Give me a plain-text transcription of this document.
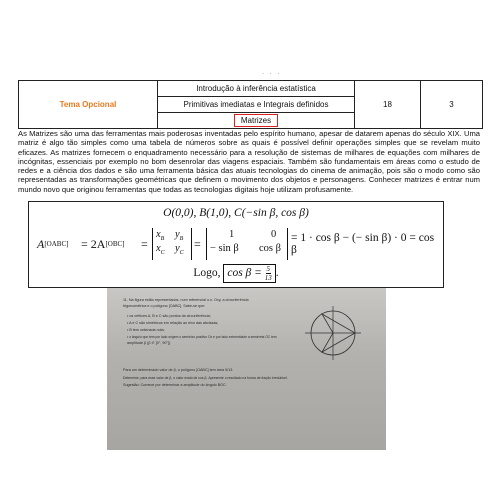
· · ·
Tema Opcional	Introdução à inferência estatística	18	3
Primitivas imediatas e Integrais definidos
Matrizes

As Matrizes são uma das ferramentas mais poderosas inventadas pelo espírito humano, apesar de datarem apenas do século XIX. Uma matriz é algo tão simples como uma tabela de números sobre as quais é possível definir operações simples que se revelam muito eficazes. As matrizes fornecem o enquadramento necessário para a resolução de sistemas de milhares de equações com milhares de incógnitas, essenciais por exemplo no bom desenrolar das viagens espaciais. Também são fundamentais em áreas como o estudo de redes e a ciência dos dados e são uma ferramenta básica das atuais tecnologias do cinema de animação, pois são o modo como são representadas as transformações geométricas que definem o movimento dos objetos e personagens. Conhecer matrizes é entrar num mundo novo que originou ferramentas que todas as tecnologias digitais hoje utilizam profusamente.

O(0,0), B(1,0), C(−sin β, cos β)
A [OABC] = 2A [OBC] =
$x_B$ $y_B$
$x_C$ $y_C$
=
1	0
− sin β cos β
= 1 · cos β − (− sin β) · 0 = cos β
Logo, $\cos \beta = \frac{5}{13}$ .
11. Na figura estão representados, num referencial o.n. Oxy, a circunferência
trigonométrica e o polígono [OABC]. Sabe-se que:
• os vértices A, B e C são pontos da circunferência;
• A e C são simétricos em relação ao eixo das abcissas;
• B tem ordenada nula;
• o ângulo que tem por lado origem o semieixo positivo Ox e por lado extremidade a semirreta OC tem
amplitude β (β ∈ ]0°, 90°[).
Para um determinado valor de β, o polígono [OABC] tem área 5/13.
Determine, para esse valor de β, o valor exato de cos β. Apresente o resultado na forma de fração irredutível.
Sugestão: Comece por determinar a amplitude do ângulo BOC.
